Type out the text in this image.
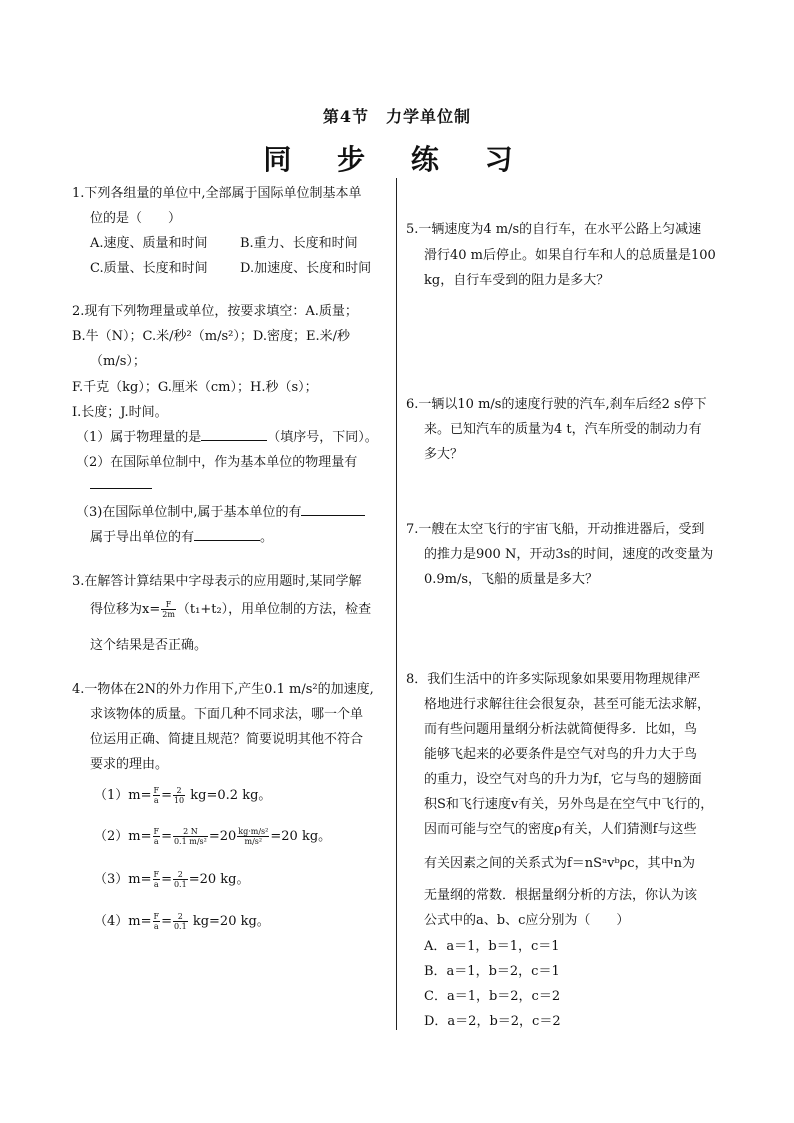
第4节　力学单位制
同 步 练 习
1.下列各组量的单位中,全部属于国际单位制基本单
位的是（　　）
A.速度、质量和时间 B.重力、长度和时间
C.质量、长度和时间 D.加速度、长度和时间
2.现有下列物理量或单位，按要求填空：A.质量；
B.牛（N）；C.米/秒²（m/s²）；D.密度；E.米/秒
（m/s）；
F.千克（kg）；G.厘米（cm）；H.秒（s）；
I.长度；J.时间。
（1）属于物理量的是	（填序号，下同）。
（2）在国际单位制中，作为基本单位的物理量有
（3)在国际单位制中,属于基本单位的有
属于导出单位的有	。
3.在解答计算结果中字母表示的应用题时,某同学解
得位移为$x= \frac{F}{2m} (t_1+t_2)$，用单位制的方法，检查
这个结果是否正确。
4.一物体在2N的外力作用下,产生0.1 m/s²的加速度,
求该物体的质量。下面几种不同求法，哪一个单
位运用正确、简捷且规范？简要说明其他不符合
要求的理由。
$(1)m= \frac{F}{a} = \frac{2}{10} kg=0.2$ kg。
$(2)m= \frac{F}{a} = \frac{2 N}{\text{0.1 m/s²}} =20 \frac{\text{kg·m/s²}}{\text{m/s²}} =20$ kg。
$(3)m= \frac{F}{a} = \frac{2}{0.1} =20$ kg。
$(4)m= \frac{F}{a} = \frac{2}{0.1} kg=20$ kg。
5.一辆速度为4 m/s的自行车，在水平公路上匀减速
滑行40 m后停止。如果自行车和人的总质量是100
kg，自行车受到的阻力是多大？
6.一辆以10 m/s的速度行驶的汽车,刹车后经2 s停下
来。已知汽车的质量为4 t，汽车所受的制动力有
多大？
7.一艘在太空飞行的宇宙飞船，开动推进器后，受到
的推力是900 N，开动3s的时间，速度的改变量为
0.9m/s，飞船的质量是多大？
8．我们生活中的许多实际现象如果要用物理规律严
格地进行求解往往会很复杂，甚至可能无法求解，
而有些问题用量纲分析法就简便得多．比如，鸟
能够飞起来的必要条件是空气对鸟的升力大于鸟
的重力，设空气对鸟的升力为f，它与鸟的翅膀面
积S和飞行速度v有关，另外鸟是在空气中飞行的，
因而可能与空气的密度ρ有关，人们猜测f与这些
有关因素之间的关系式为f＝nSᵃvᵇρc，其中n为
无量纲的常数．根据量纲分析的方法，你认为该
公式中的a、b、c应分别为（　　）
A．a＝1，b＝1，c＝1
B．a＝1，b＝2，c＝1
C．a＝1，b＝2，c＝2
D．a＝2，b＝2，c＝2
